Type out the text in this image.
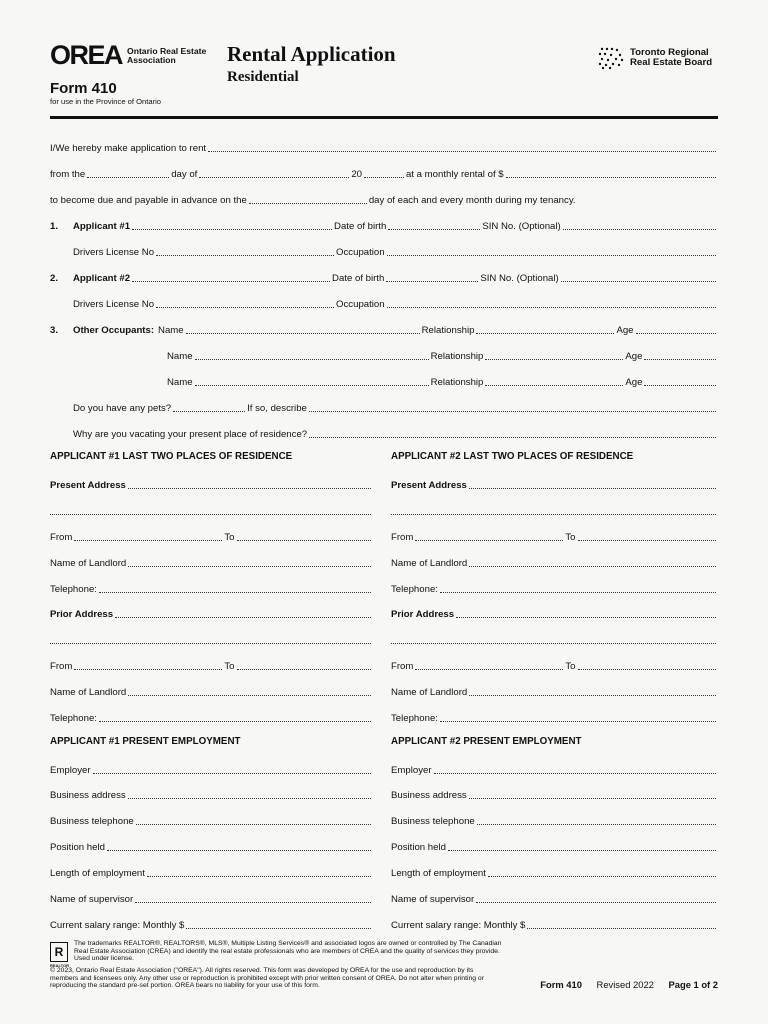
OREA Ontario Real Estate Association
Form 410
for use in the Province of Ontario
Rental Application
Residential
Toronto Regional Real Estate Board
I/We hereby make application to rent
from the	day of	20	at a monthly rental of $
to become due and payable in advance on the	day of each and every month during my tenancy.
1.	Applicant #1	Date of birth	SIN No. (Optional)
Drivers License No	Occupation
2.	Applicant #2	Date of birth	SIN No. (Optional)
Drivers License No	Occupation
3.	Other Occupants: Name	Relationship	Age
Name	Relationship	Age
Name	Relationship	Age
Do you have any pets?	If so, describe
Why are you vacating your present place of residence?
APPLICANT #1 LAST TWO PLACES OF RESIDENCE	APPLICANT #2 LAST TWO PLACES OF RESIDENCE
Present Address
From	To
Name of Landlord
Telephone:
Prior Address
From	To
Name of Landlord
Telephone:
Present Address
From	To
Name of Landlord
Telephone:
Prior Address
From	To
Name of Landlord
Telephone:
APPLICANT #1 PRESENT EMPLOYMENT	APPLICANT #2 PRESENT EMPLOYMENT
Employer
Business address
Business telephone
Position held
Length of employment
Name of supervisor
Current salary range: Monthly $
Employer
Business address
Business telephone
Position held
Length of employment
Name of supervisor
Current salary range: Monthly $
R
REALTOR
The trademarks REALTOR®, REALTORS®, MLS®, Multiple Listing Services® and associated logos are owned or controlled by The Canadian Real Estate Association (CREA) and identify the real estate professionals who are members of CREA and the quality of services they provide. Used under license.
© 2023, Ontario Real Estate Association ("OREA"). All rights reserved. This form was developed by OREA for the use and reproduction by its members and licensees only. Any other use or reproduction is prohibited except with prior written consent of OREA. Do not alter when printing or reproducing the standard pre-set portion. OREA bears no liability for your use of this form.	Form 410 Revised 2022 Page 1 of 2
